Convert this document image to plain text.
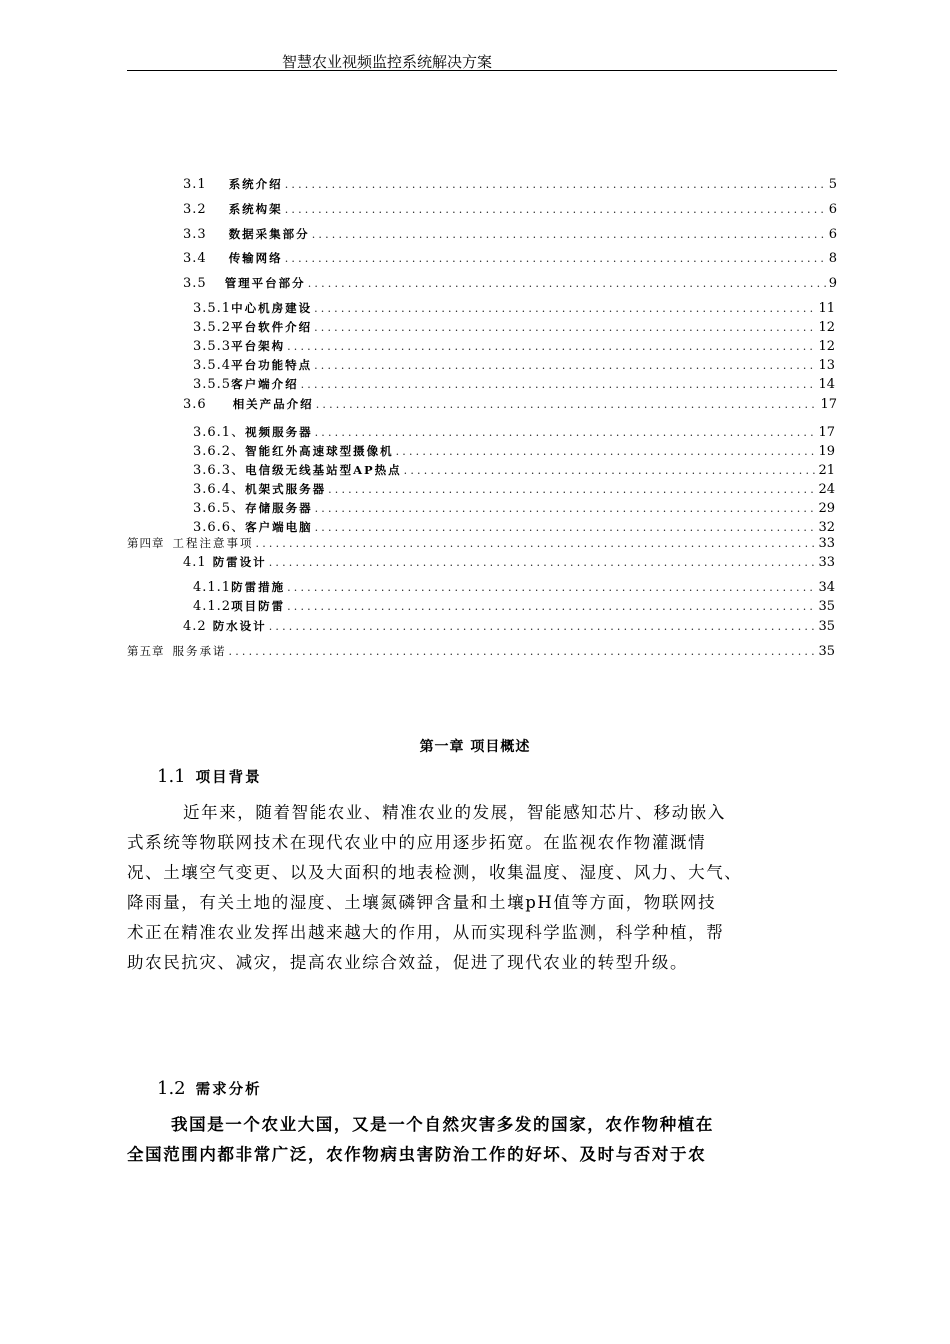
智慧农业视频监控系统解决方案
3.1 系统介绍 .....	5
3.2 系统构架 .....	6
3.3 数据采集部分 .....	6
3.4 传输网络 .....	8
3.5 管理平台部分 .....	9
3.5.1 中心机房建设 .....	11
3.5.2 平台软件介绍 .....	12
3.5.3 平台架构 .....	12
3.5.4 平台功能特点 .....	13
3.5.5 客户端介绍 .....	14
3.6 相关产品介绍 .....	17
3.6.1、 视频服务器 .....	17
3.6.2、 智能红外高速球型摄像机 .....	19
3.6.3、 电信级无线基站型AP热点 .....	21
3.6.4、 机架式服务器 .....	24
3.6.5、 存储服务器 .....	29
3.6.6、 客户端电脑 .....	32
第四章 工程注意事项 .....	33
4.1 防雷设计 .....	33
4.1.1 防雷措施 .....	34
4.1.2 项目防雷 .....	35
4.2 防水设计 .....	35
第五章 服务承诺 .....	35
第一章 项目概述
1.1 项目背景
近年来，随着智能农业、精准农业的发展，智能感知芯片、移动嵌入
式系统等物联网技术在现代农业中的应用逐步拓宽。在监视农作物灌溉情
况、土壤空气变更、以及大面积的地表检测，收集温度、湿度、风力、大气、
降雨量，有关土地的湿度、土壤氮磷钾含量和土壤pH值等方面，物联网技
术正在精准农业发挥出越来越大的作用，从而实现科学监测，科学种植，帮
助农民抗灾、减灾，提高农业综合效益，促进了现代农业的转型升级。
1.2 需求分析
我国是一个农业大国，又是一个自然灾害多发的国家，农作物种植在
全国范围内都非常广泛，农作物病虫害防治工作的好坏、及时与否对于农
